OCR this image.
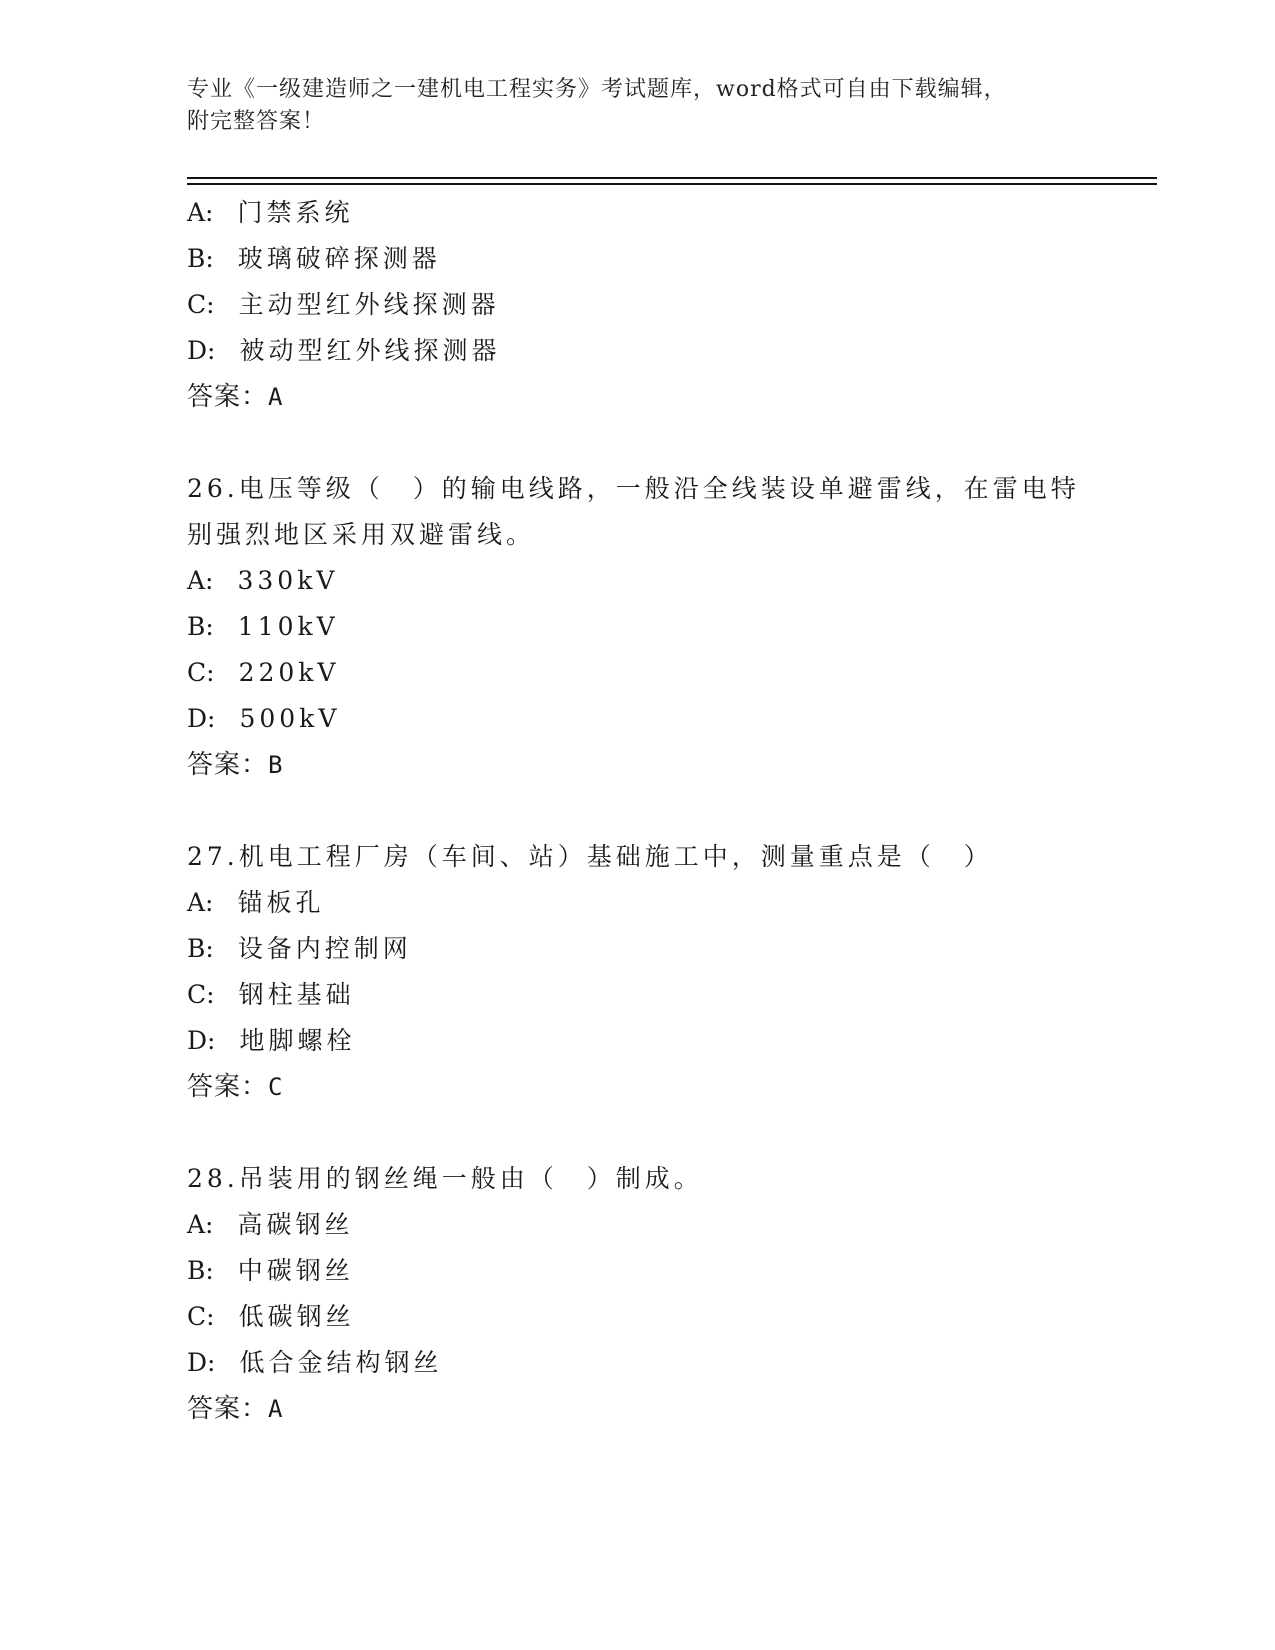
专业《一级建造师之一建机电工程实务》考试题库，word格式可自由下载编辑，
附完整答案！
A: 门禁系统
B: 玻璃破碎探测器
C: 主动型红外线探测器
D: 被动型红外线探测器
答案：A
26.电压等级（　）的输电线路，一般沿全线装设单避雷线，在雷电特
别强烈地区采用双避雷线。
A: 330kV
B: 110kV
C: 220kV
D: 500kV
答案：B
27.机电工程厂房（车间、站）基础施工中，测量重点是（　）
A: 锚板孔
B: 设备内控制网
C: 钢柱基础
D: 地脚螺栓
答案：C
28.吊装用的钢丝绳一般由（　）制成。
A: 高碳钢丝
B: 中碳钢丝
C: 低碳钢丝
D: 低合金结构钢丝
答案：A
